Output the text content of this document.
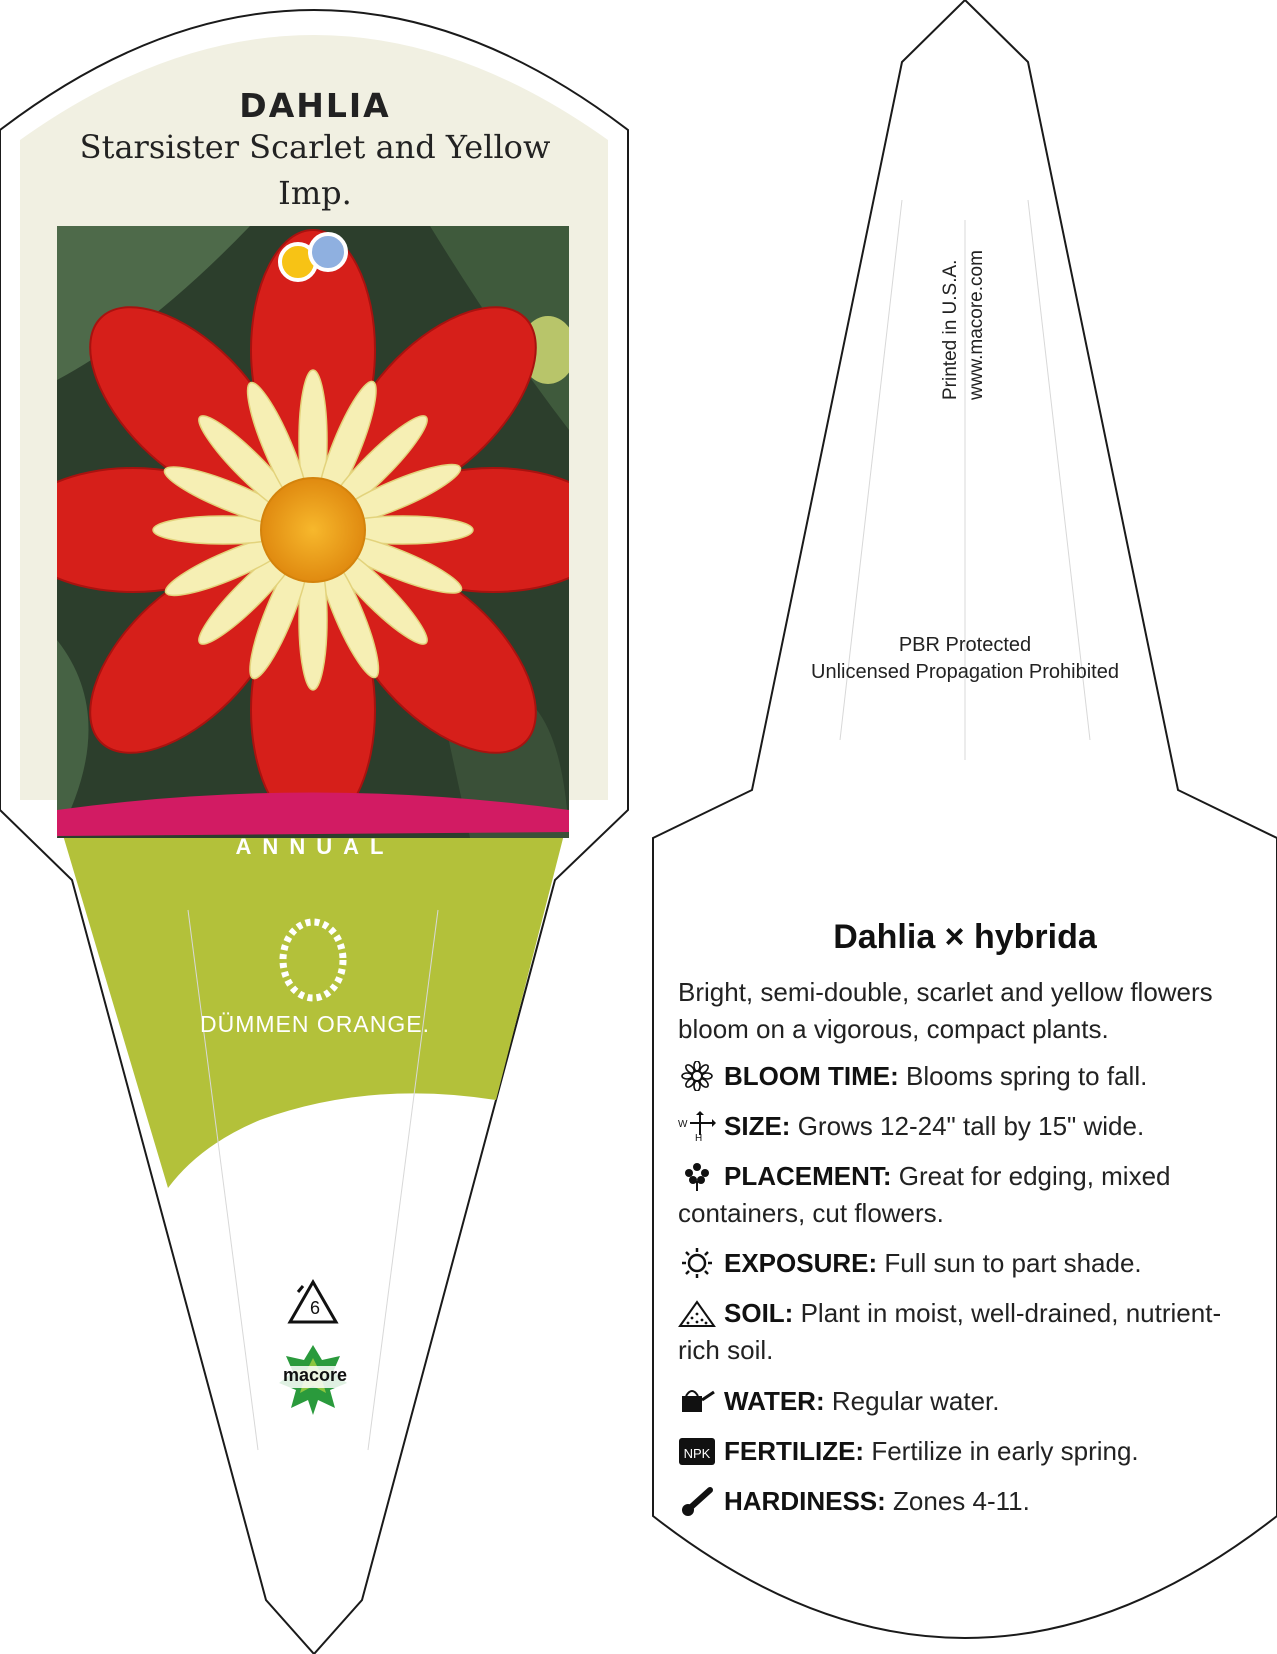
DAHLIA
Starsister Scarlet and Yellow Imp.
ANNUAL
DÜMMEN ORANGE.
6
macore
Printed in U.S.A. www.macore.com
PBR Protected
Unlicensed Propagation Prohibited
Dahlia × hybrida
Bright, semi-double, scarlet and yellow flowers bloom on a vigorous, compact plants.
BLOOM TIME: Blooms spring to fall.
W
H SIZE: Grows 12-24" tall by 15" wide.
PLACEMENT: Great for edging, mixed containers, cut flowers.
EXPOSURE: Full sun to part shade.
SOIL: Plant in moist, well-drained, nutrient-rich soil.
WATER: Regular water.
NPK FERTILIZE: Fertilize in early spring.
HARDINESS: Zones 4-11.
